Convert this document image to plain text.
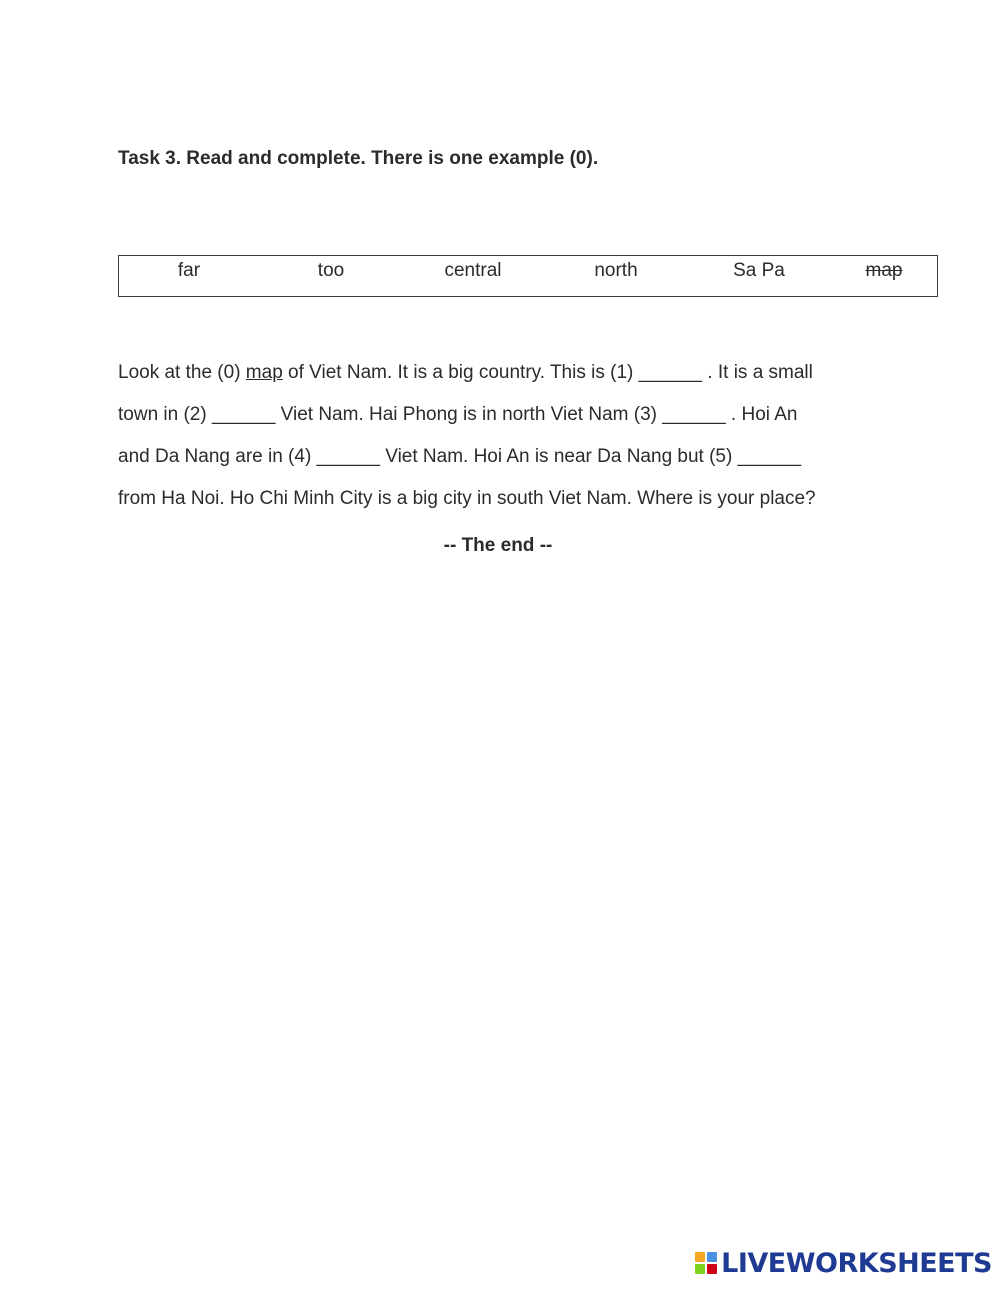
Task 3. Read and complete. There is one example (0).
far	too	central	north	Sa Pa	map
Look at the (0) map of Viet Nam. It is a big country. This is (1) ______ . It is a small
town in (2) ______ Viet Nam. Hai Phong is in north Viet Nam (3) ______ . Hoi An
and Da Nang are in (4) ______ Viet Nam. Hoi An is near Da Nang but (5) ______
from Ha Noi. Ho Chi Minh City is a big city in south Viet Nam. Where is your place?
-- The end --
LIVEWORKSHEETS
